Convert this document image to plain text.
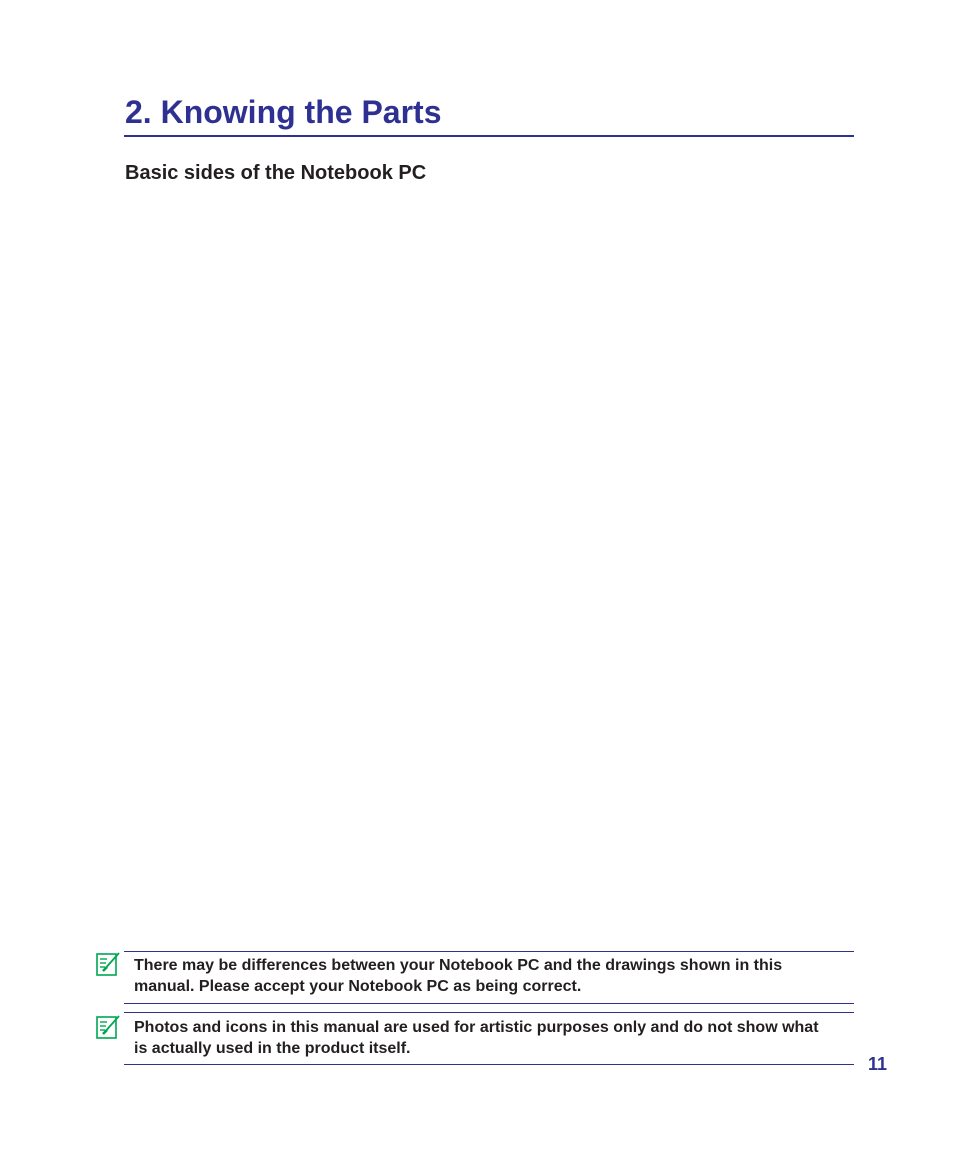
2. Knowing the Parts
Basic sides of the Notebook PC

There may be differences between your Notebook PC and the drawings shown in this manual. Please accept your Notebook PC as being correct.

Photos and icons in this manual are used for artistic purposes only and do not show what is actually used in the product itself.

11
